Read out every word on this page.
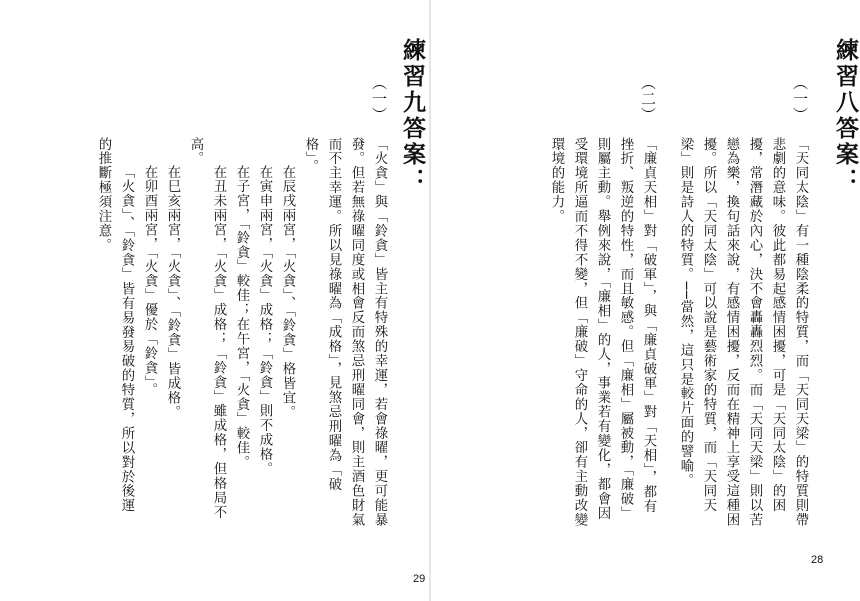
練習九答案：
（一）
「火貪」與「鈴貪」皆主有特殊的幸運，若會祿曜，更可能暴
發。但若無祿曜同度或相會反而煞忌刑曜同會，則主酒色財氣
而不主幸運。所以見祿曜為「成格」，見煞忌刑曜為「破
格」。
在辰戌兩宮，「火貪」、「鈴貪」格皆宜。
在寅申兩宮，「火貪」成格；「鈴貪」則不成格。
在子宮，「鈴貪」較佳；在午宮，「火貪」較佳。
在丑未兩宮，「火貪」成格；「鈴貪」雖成格，但格局不
高。
在巳亥兩宮，「火貪」、「鈴貪」皆成格。
在卯酉兩宮，「火貪」優於「鈴貪」。
「火貪」、「鈴貪」皆有易發易破的特質，所以對於後運
的推斷極須注意。
29
練習八答案：
（一）
「天同太陰」有一種陰柔的特質，而「天同天梁」的特質則帶
悲劇的意味。彼此都易起感情困擾，可是「天同太陰」的困
擾，常潛藏於內心，決不會轟轟烈烈。而「天同天梁」則以苦
戀為樂，換句話來說，有感情困擾，反而在精神上享受這種困
擾。所以「天同太陰」可以說是藝術家的特質，而「天同天
梁」則是詩人的特質。──當然，這只是較片面的譬喻。
（二）
「廉貞天相」對「破軍」，與「廉貞破軍」對「天相」，都有
挫折、叛逆的特性，而且敏感。但「廉相」屬被動，「廉破」
則屬主動。舉例來說，「廉相」的人，事業若有變化，都會因
受環境所逼而不得不變，但「廉破」守命的人，卻有主動改變
環境的能力。
28
